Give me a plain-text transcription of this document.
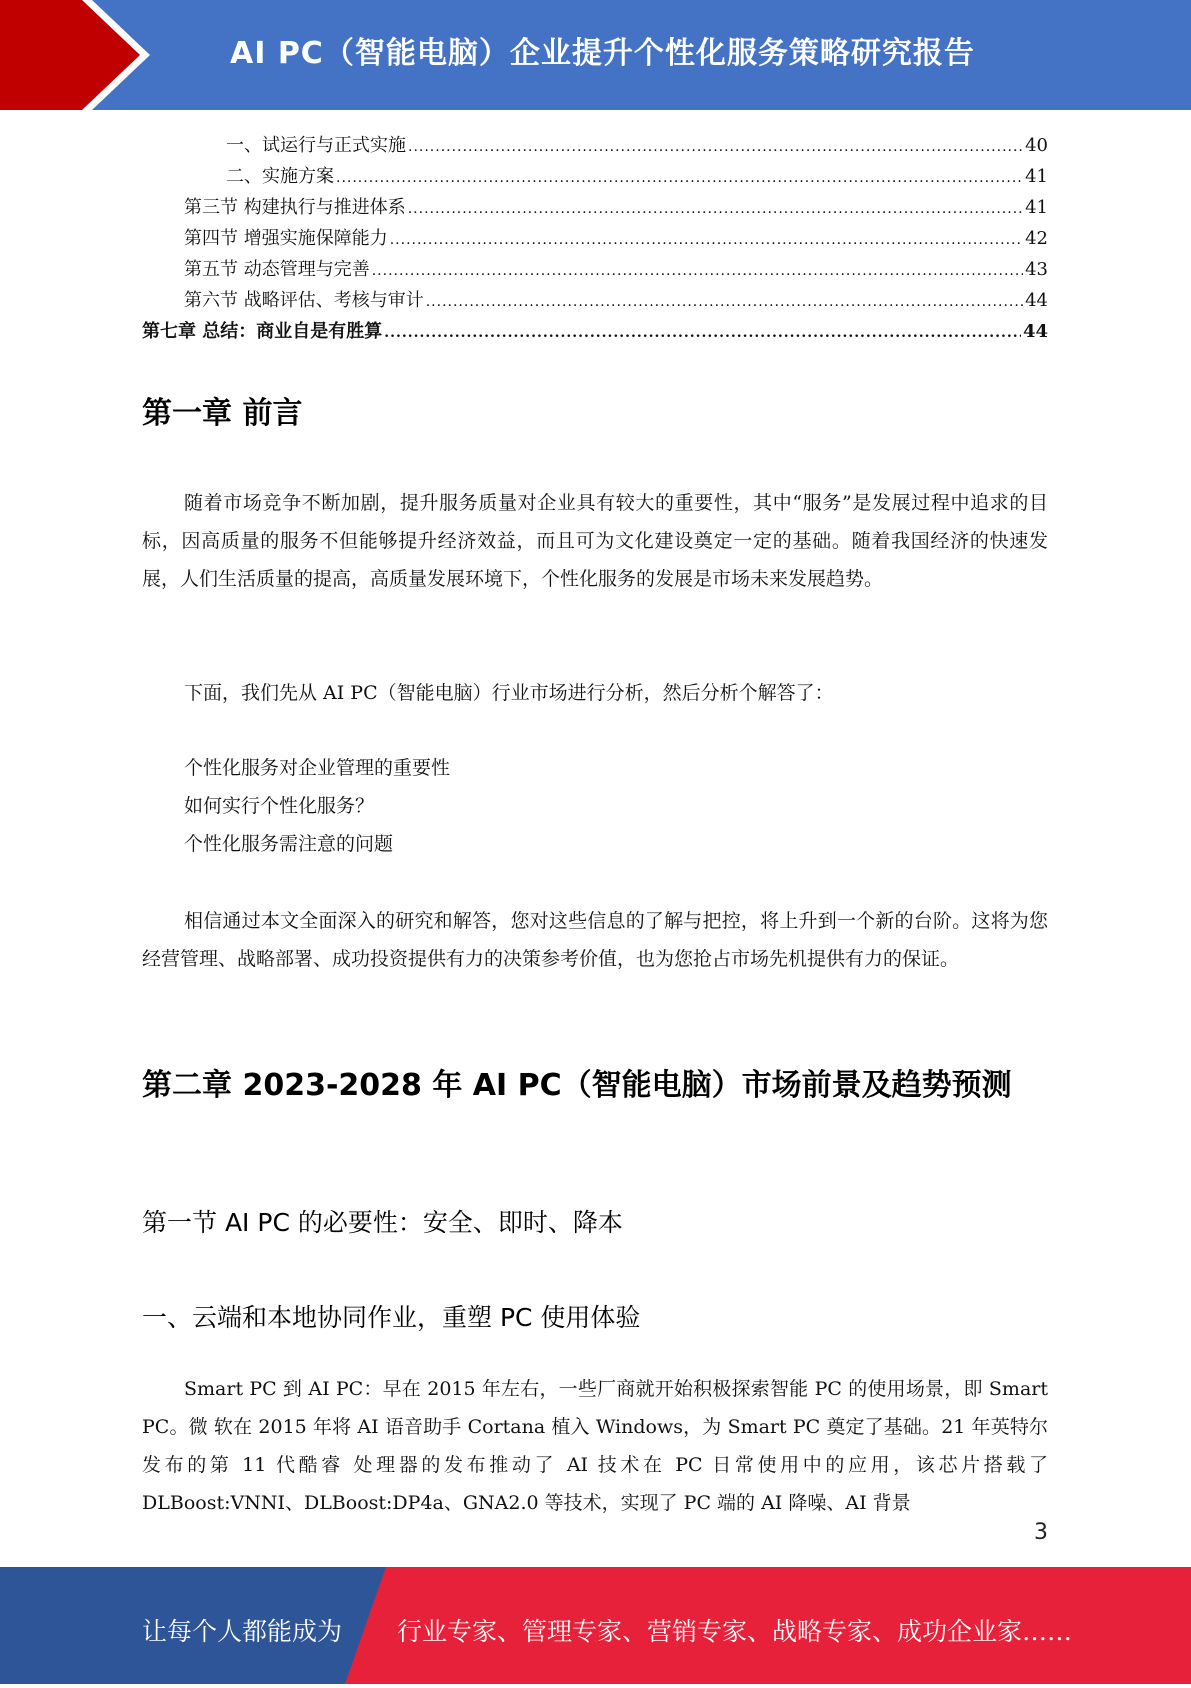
AI PC（智能电脑）企业提升个性化服务策略研究报告
一、试运行与正式实施 .....	40
二、实施方案 .....	41
第三节 构建执行与推进体系 .....	41
第四节 增强实施保障能力 .....	42
第五节 动态管理与完善 .....	43
第六节 战略评估、考核与审计 .....	44
第七章 总结：商业自是有胜算 .....	44
第一章 前言

随着市场竞争不断加剧，提升服务质量对企业具有较大的重要性，其中“服务”是发展过程中追求的目标，因高质量的服务不但能够提升经济效益，而且可为文化建设奠定一定的基础。随着我国经济的快速发展，人们生活质量的提高，高质量发展环境下，个性化服务的发展是市场未来发展趋势。

下面，我们先从 AI PC（智能电脑）行业市场进行分析，然后分析个解答了：

个性化服务对企业管理的重要性
如何实行个性化服务？
个性化服务需注意的问题

相信通过本文全面深入的研究和解答，您对这些信息的了解与把控，将上升到一个新的台阶。这将为您经营管理、战略部署、成功投资提供有力的决策参考价值，也为您抢占市场先机提供有力的保证。

第二章 2023-2028 年 AI PC（智能电脑）市场前景及趋势预测
第一节 AI PC 的必要性：安全、即时、降本
一、云端和本地协同作业，重塑 PC 使用体验

Smart PC 到 AI PC：早在 2015 年左右，一些厂商就开始积极探索智能 PC 的使用场景，即 Smart PC。微 软在 2015 年将 AI 语音助手 Cortana 植入 Windows，为 Smart PC 奠定了基础。21 年英特尔发布的第 11 代酷睿 处理器的发布推动了 AI 技术在 PC 日常使用中的应用，该芯片搭载了 DLBoost:VNNI、DLBoost:DP4a、GNA2.0 等技术，实现了 PC 端的 AI 降噪、AI 背景

3
让每个人都能成为 行业专家、管理专家、营销专家、战略专家、成功企业家……
